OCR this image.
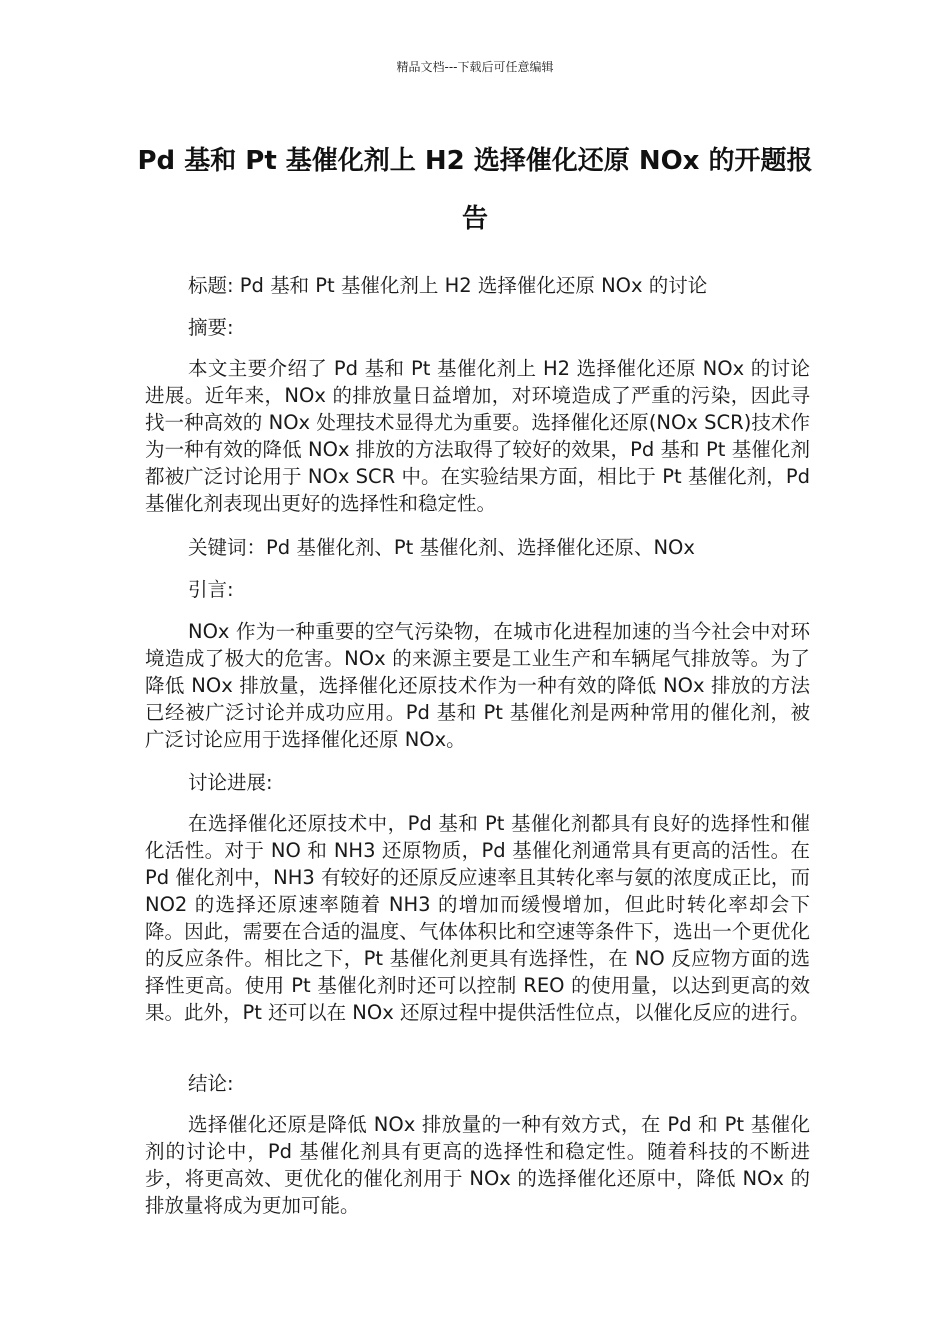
精品文档---下载后可任意编辑
Pd 基和 Pt 基催化剂上 H2 选择催化还原 NOx 的开题报告

标题: Pd 基和 Pt 基催化剂上 H2 选择催化还原 NOx 的讨论

摘要:

本文主要介绍了 Pd 基和 Pt 基催化剂上 H2 选择催化还原 NOx 的讨论进展。近年来，NOx 的排放量日益增加，对环境造成了严重的污染，因此寻找一种高效的 NOx 处理技术显得尤为重要。选择催化还原(NOx SCR)技术作为一种有效的降低 NOx 排放的方法取得了较好的效果，Pd 基和 Pt 基催化剂都被广泛讨论用于 NOx SCR 中。在实验结果方面，相比于 Pt 基催化剂，Pd 基催化剂表现出更好的选择性和稳定性。

关键词：Pd 基催化剂、Pt 基催化剂、选择催化还原、NOx

引言:

NOx 作为一种重要的空气污染物，在城市化进程加速的当今社会中对环境造成了极大的危害。NOx 的来源主要是工业生产和车辆尾气排放等。为了降低 NOx 排放量，选择催化还原技术作为一种有效的降低 NOx 排放的方法已经被广泛讨论并成功应用。Pd 基和 Pt 基催化剂是两种常用的催化剂，被广泛讨论应用于选择催化还原 NOx。

讨论进展:

在选择催化还原技术中，Pd 基和 Pt 基催化剂都具有良好的选择性和催化活性。对于 NO 和 NH3 还原物质，Pd 基催化剂通常具有更高的活性。在 Pd 催化剂中，NH3 有较好的还原反应速率且其转化率与氨的浓度成正比，而 NO2 的选择还原速率随着 NH3 的增加而缓慢增加，但此时转化率却会下降。因此，需要在合适的温度、气体体积比和空速等条件下，选出一个更优化的反应条件。相比之下，Pt 基催化剂更具有选择性，在 NO 反应物方面的选择性更高。使用 Pt 基催化剂时还可以控制 REO 的使用量，以达到更高的效果。此外，Pt 还可以在 NOx 还原过程中提供活性位点，以催化反应的进行。

结论:

选择催化还原是降低 NOx 排放量的一种有效方式，在 Pd 和 Pt 基催化剂的讨论中，Pd 基催化剂具有更高的选择性和稳定性。随着科技的不断进步，将更高效、更优化的催化剂用于 NOx 的选择催化还原中，降低 NOx 的排放量将成为更加可能。
